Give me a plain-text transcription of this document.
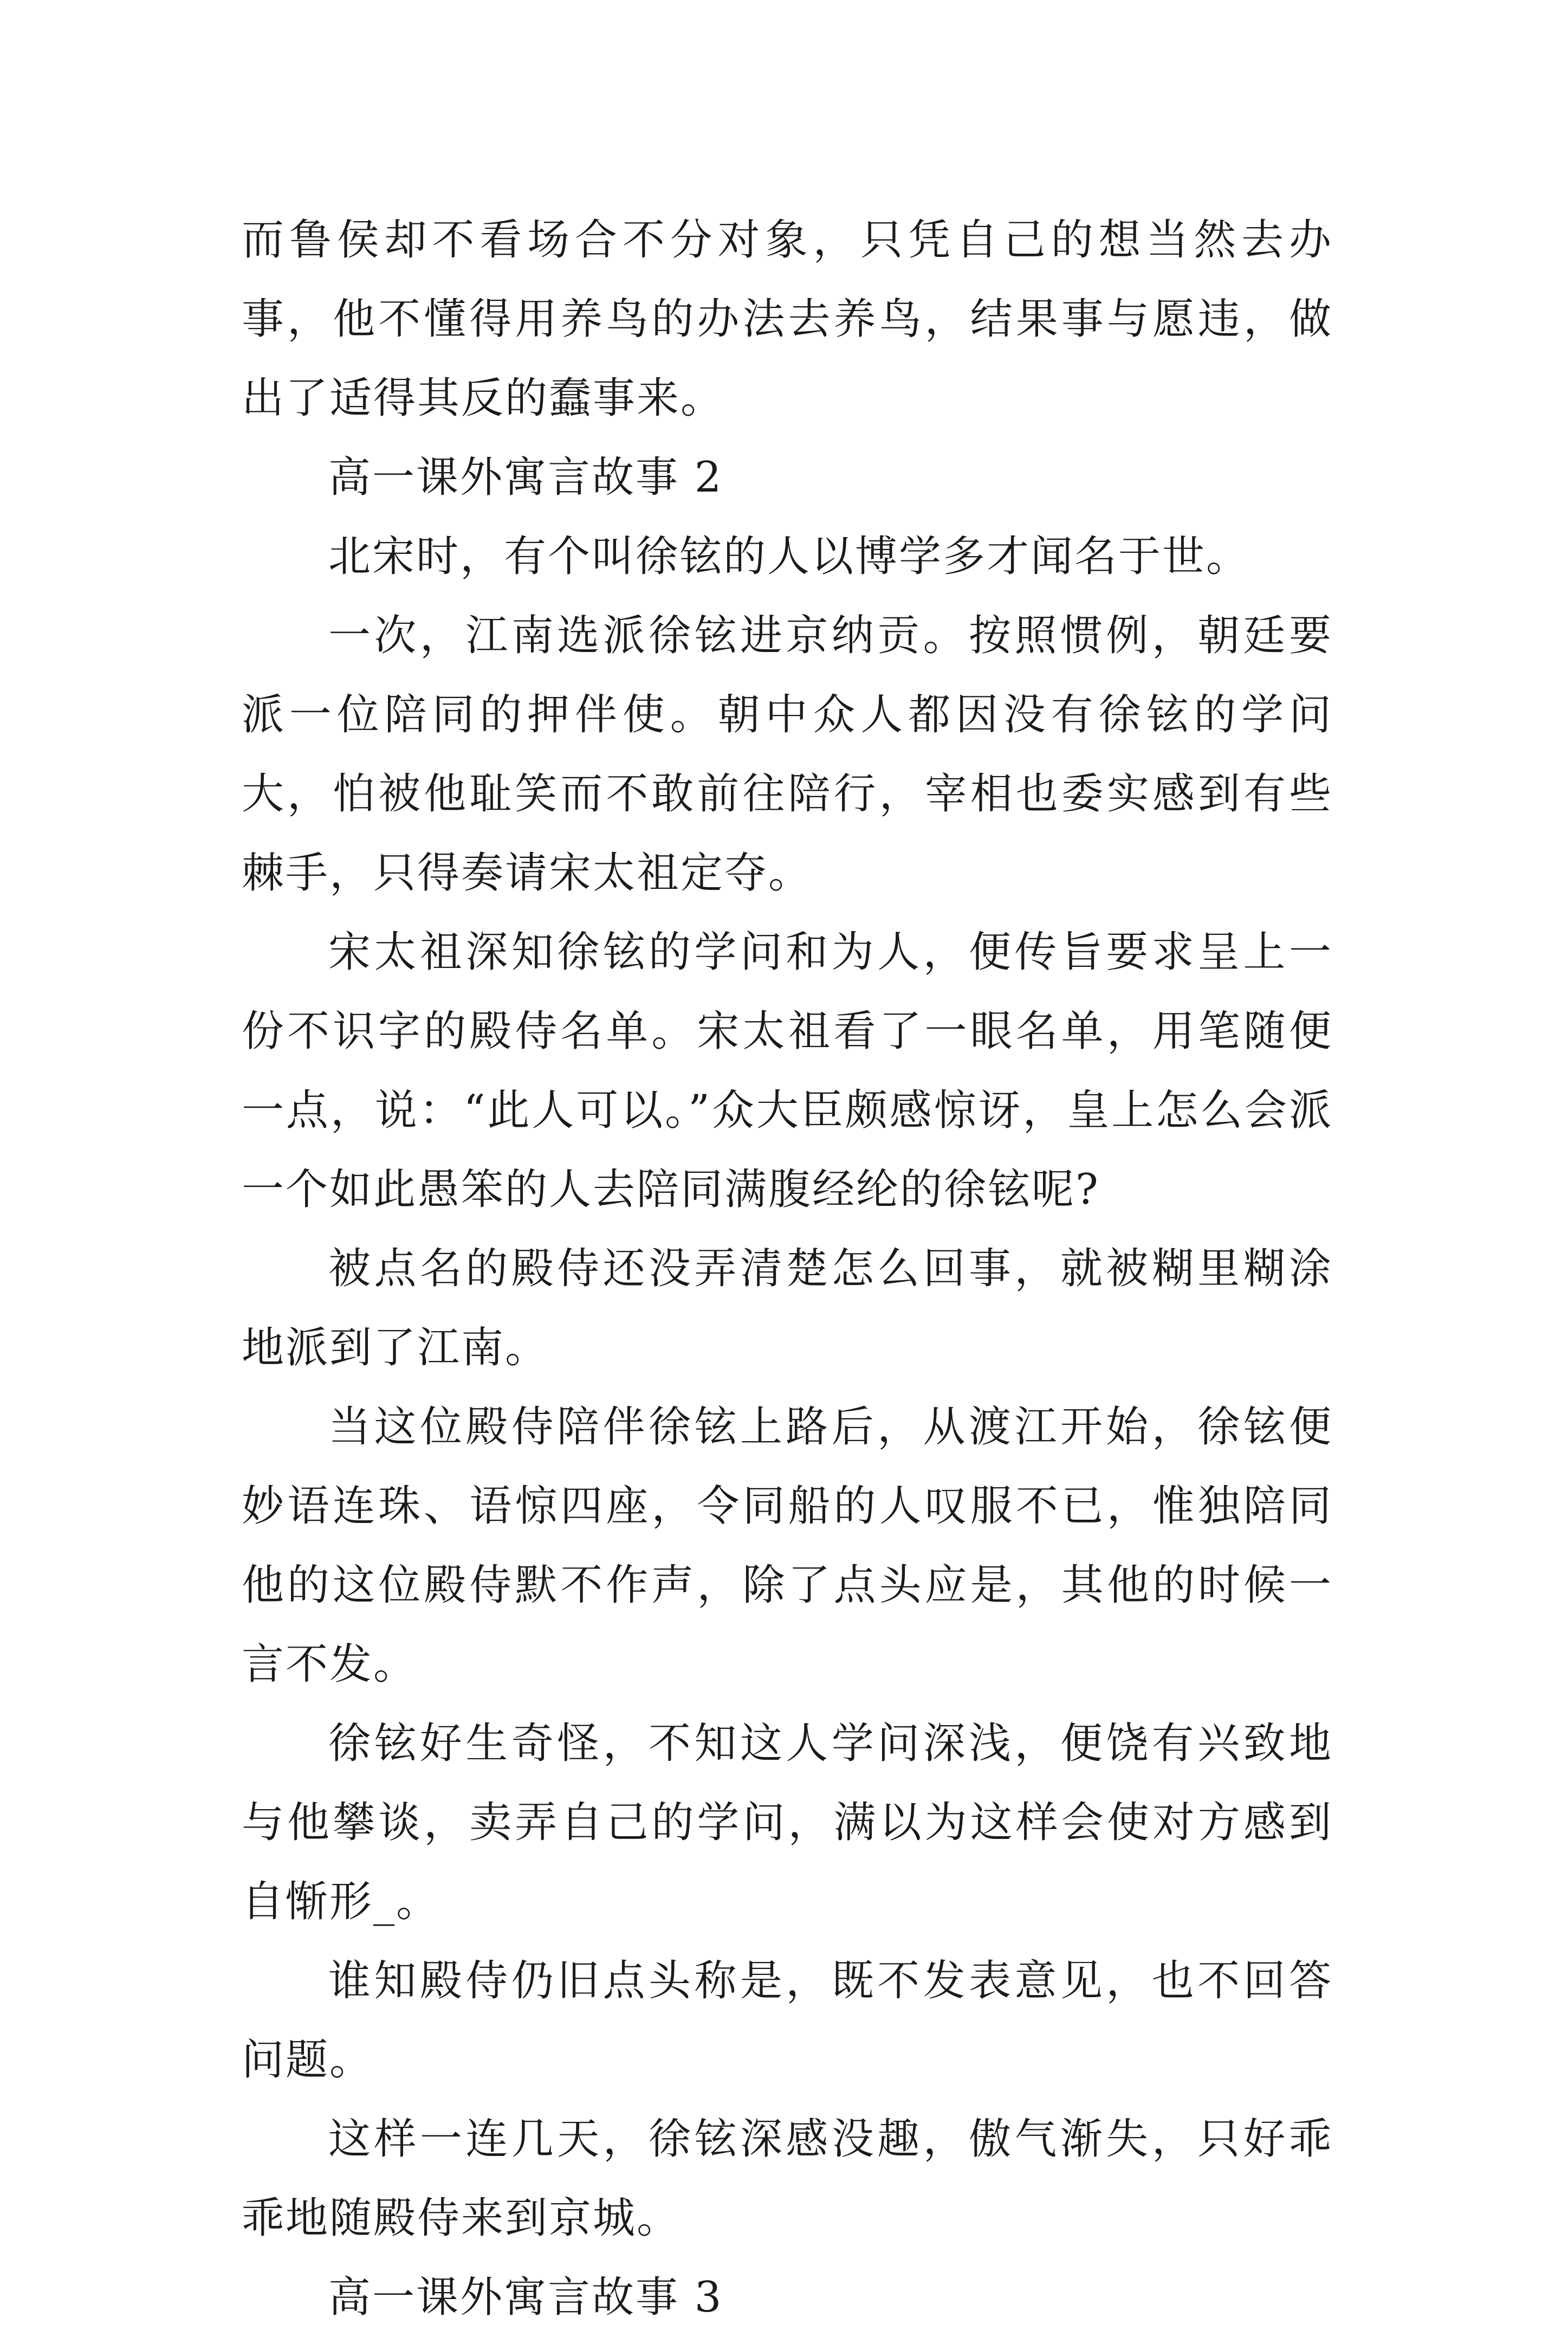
而鲁侯却不看场合不分对象，只凭自己的想当然去办事，他不懂得用养鸟的办法去养鸟，结果事与愿违，做出了适得其反的蠢事来。

高一课外寓言故事 2

北宋时，有个叫徐铉的人以博学多才闻名于世。

一次，江南选派徐铉进京纳贡。按照惯例，朝廷要派一位陪同的押伴使。朝中众人都因没有徐铉的学问大，怕被他耻笑而不敢前往陪行，宰相也委实感到有些棘手，只得奏请宋太祖定夺。

宋太祖深知徐铉的学问和为人，便传旨要求呈上一份不识字的殿侍名单。宋太祖看了一眼名单，用笔随便一点，说：“此人可以。”众大臣颇感惊讶，皇上怎么会派一个如此愚笨的人去陪同满腹经纶的徐铉呢?

被点名的殿侍还没弄清楚怎么回事，就被糊里糊涂地派到了江南。

当这位殿侍陪伴徐铉上路后，从渡江开始，徐铉便妙语连珠、语惊四座，令同船的人叹服不已，惟独陪同他的这位殿侍默不作声，除了点头应是，其他的时候一言不发。

徐铉好生奇怪，不知这人学问深浅，便饶有兴致地与他攀谈，卖弄自己的学问，满以为这样会使对方感到自惭形_。

谁知殿侍仍旧点头称是，既不发表意见，也不回答问题。

这样一连几天，徐铉深感没趣，傲气渐失，只好乖乖地随殿侍来到京城。

高一课外寓言故事 3
